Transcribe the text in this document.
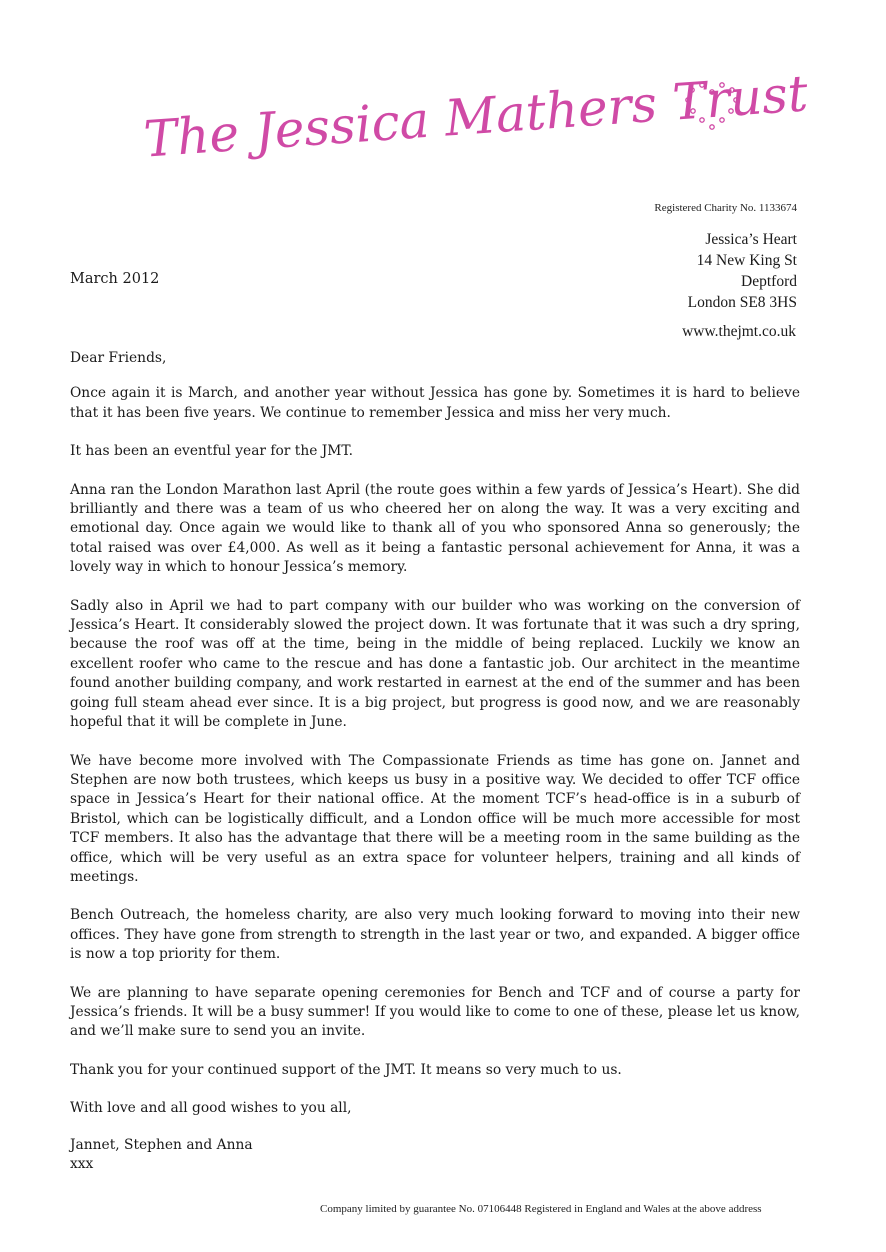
The Jessica Mathers Trust
Registered Charity No. 1133674
Jessica’s Heart
14 New King St
Deptford
London SE8 3HS
March 2012
www.thejmt.co.uk

Dear Friends,

Once again it is March, and another year without Jessica has gone by. Sometimes it is hard to believe that it has been five years. We continue to remember Jessica and miss her very much.

It has been an eventful year for the JMT.

Anna ran the London Marathon last April (the route goes within a few yards of Jessica’s Heart). She did brilliantly and there was a team of us who cheered her on along the way. It was a very exciting and emotional day. Once again we would like to thank all of you who sponsored Anna so generously; the total raised was over £4,000. As well as it being a fantastic personal achievement for Anna, it was a lovely way in which to honour Jessica’s memory.

Sadly also in April we had to part company with our builder who was working on the conversion of Jessica’s Heart. It considerably slowed the project down. It was fortunate that it was such a dry spring, because the roof was off at the time, being in the middle of being replaced. Luckily we know an excellent roofer who came to the rescue and has done a fantastic job. Our architect in the meantime found another building company, and work restarted in earnest at the end of the summer and has been going full steam ahead ever since. It is a big project, but progress is good now, and we are reasonably hopeful that it will be complete in June.

We have become more involved with The Compassionate Friends as time has gone on. Jannet and Stephen are now both trustees, which keeps us busy in a positive way. We decided to offer TCF office space in Jessica’s Heart for their national office. At the moment TCF’s head-office is in a suburb of Bristol, which can be logistically difficult, and a London office will be much more accessible for most TCF members. It also has the advantage that there will be a meeting room in the same building as the office, which will be very useful as an extra space for volunteer helpers, training and all kinds of meetings.

Bench Outreach, the homeless charity, are also very much looking forward to moving into their new offices. They have gone from strength to strength in the last year or two, and expanded. A bigger office is now a top priority for them.

We are planning to have separate opening ceremonies for Bench and TCF and of course a party for Jessica’s friends. It will be a busy summer! If you would like to come to one of these, please let us know, and we’ll make sure to send you an invite.

Thank you for your continued support of the JMT. It means so very much to us.

With love and all good wishes to you all,

Jannet, Stephen and Anna
xxx
Company limited by guarantee No. 07106448 Registered in England and Wales at the above address
